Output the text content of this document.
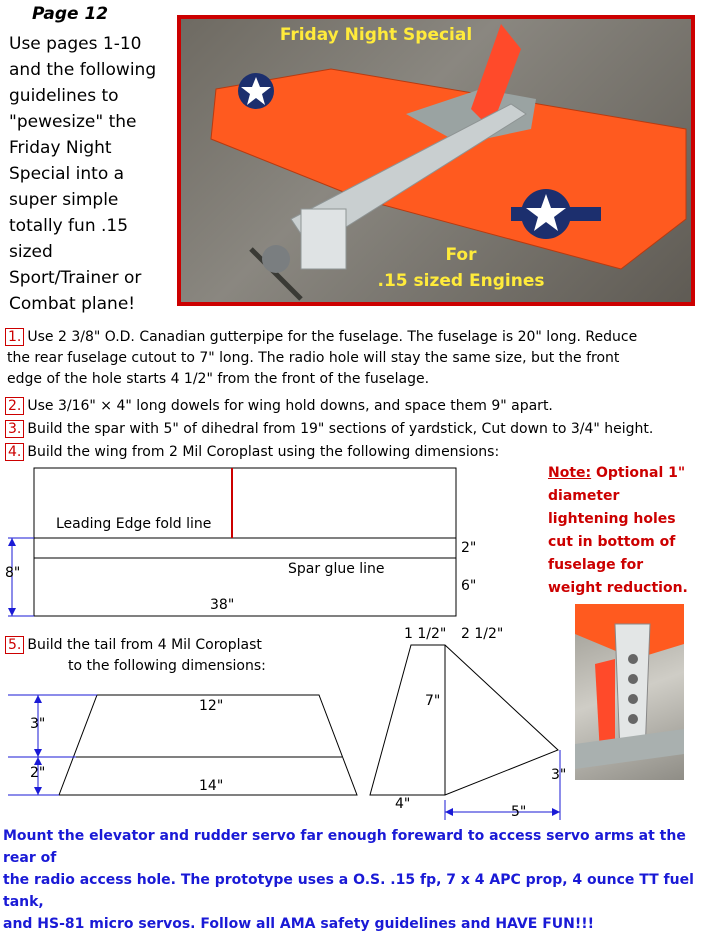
Page 12
Use pages 1-10
and the following
guidelines to
"pewesize" the
Friday Night
Special into a
super simple
totally fun .15
sized
Sport/Trainer or
Combat plane!
Friday Night Special
For
.15 sized Engines
1. Use 2 3/8" O.D. Canadian gutterpipe for the fuselage. The fuselage is 20" long. Reduce
the rear fuselage cutout to 7" long. The radio hole will stay the same size, but the front
edge of the hole starts 4 1/2" from the front of the fuselage.
2. Use 3/16" × 4" long dowels for wing hold downs, and space them 9" apart.
3. Build the spar with 5" of dihedral from 19" sections of yardstick, Cut down to 3/4" height.
4. Build the wing from 2 Mil Coroplast using the following dimensions:
Leading Edge fold line
Spar glue line
8"
38"
2"
6"
Note: Optional 1"
diameter
lightening holes
cut in bottom of
fuselage for
weight reduction.
5. Build the tail from 4 Mil Coroplast
to the following dimensions:
12"
14"
3"
2"
1 1/2" 2 1/2"
7"
3"
4"	5"
Mount the elevator and rudder servo far enough foreward to access servo arms at the rear of
the radio access hole. The prototype uses a O.S. .15 fp, 7 x 4 APC prop, 4 ounce TT fuel tank,
and HS-81 micro servos. Follow all AMA safety guidelines and HAVE FUN!!!
